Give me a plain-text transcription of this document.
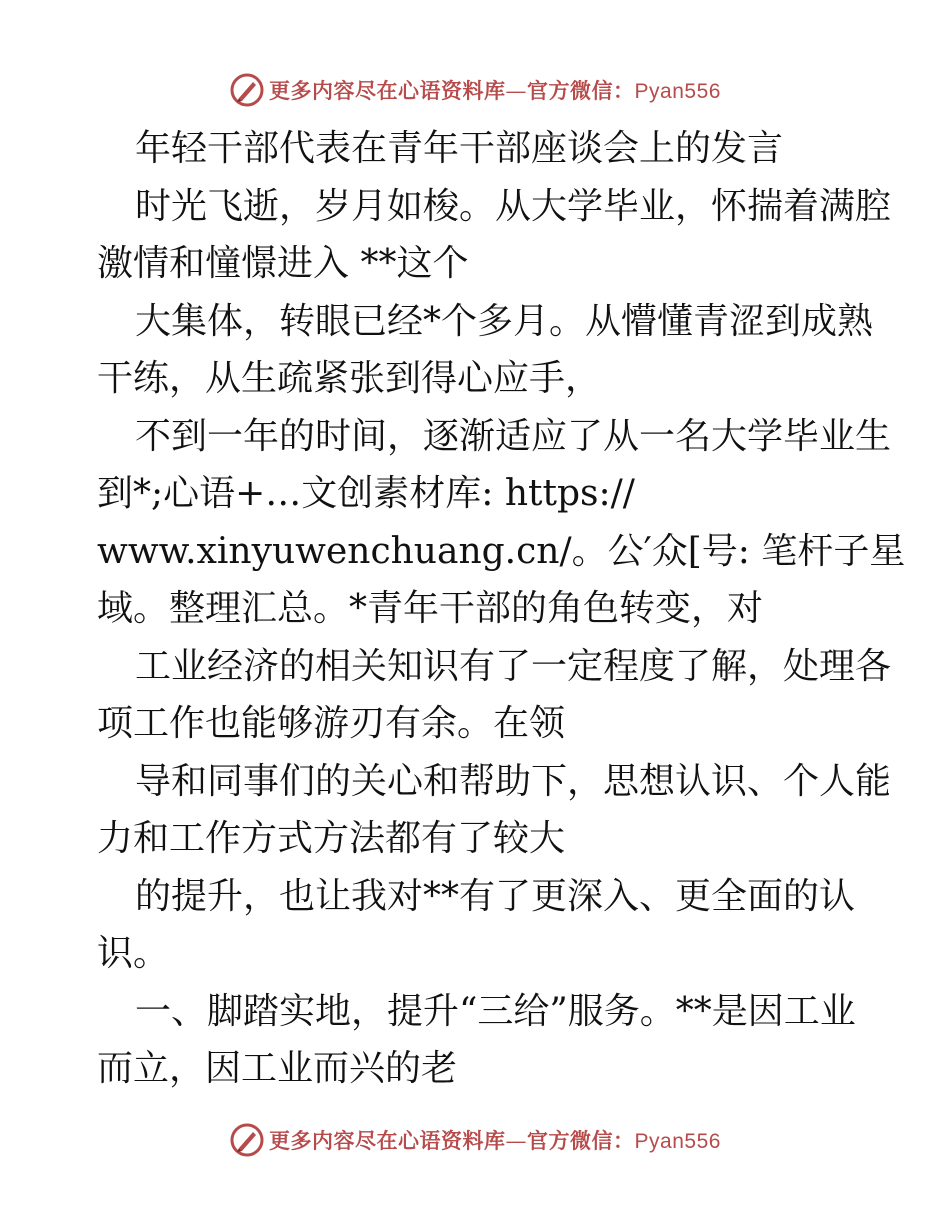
更多内容尽在心语资料库—官方微信：Pyan556
年轻干部代表在青年干部座谈会上的发言
时光飞逝，岁月如梭。从大学毕业，怀揣着满腔
激情和憧憬进入 **这个
大集体，转眼已经*个多月。从懵懂青涩到成熟
干练，从生疏紧张到得心应手，
不到一年的时间，逐渐适应了从一名大学毕业生
到*;心语+…文创素材库: https://
www.xinyuwenchuang.cn/。公′众[号: 笔杆子星
域。整理汇总。*青年干部的角色转变，对
工业经济的相关知识有了一定程度了解，处理各
项工作也能够游刃有余。在领
导和同事们的关心和帮助下，思想认识、个人能
力和工作方式方法都有了较大
的提升，也让我对**有了更深入、更全面的认
识。
一、脚踏实地，提升“三给”服务。**是因工业
而立，因工业而兴的老
更多内容尽在心语资料库—官方微信：Pyan556
